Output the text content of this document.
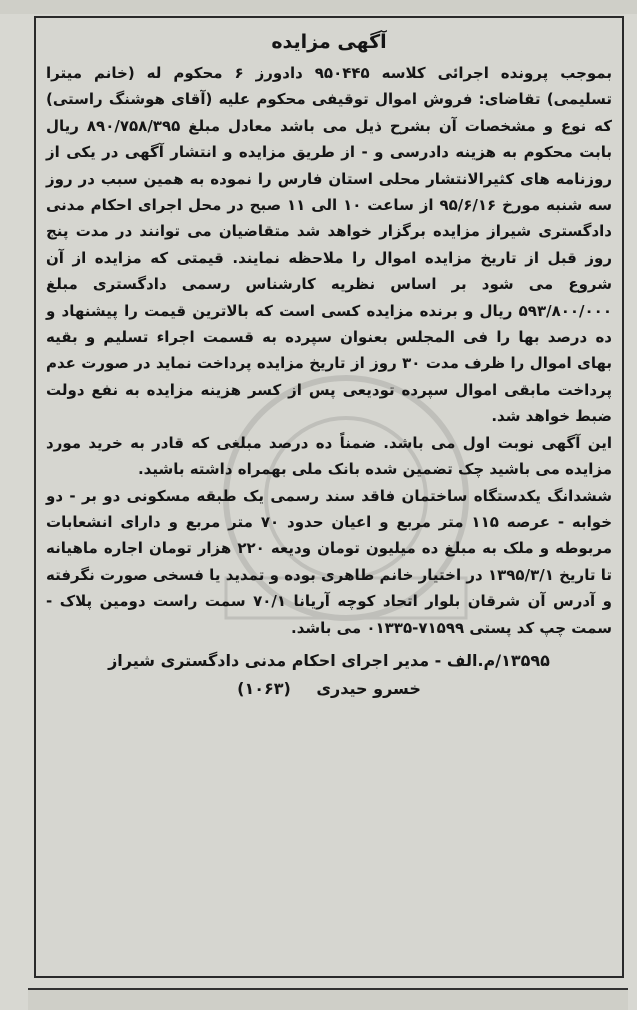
آگهی مزایده

بموجب پرونده اجرائی کلاسه ۹۵۰۴۴۵ دادورز ۶ محکوم له (خانم میترا تسلیمی) تقاضای: فروش اموال توقیفی محکوم علیه (آقای هوشنگ راستی) که نوع و مشخصات آن بشرح ذیل می باشد معادل مبلغ ۸۹۰/۷۵۸/۳۹۵ ریال بابت محکوم به هزینه دادرسی و - از طریق مزایده و انتشار آگهی در یکی از روزنامه های کثیرالانتشار محلی استان فارس را نموده به همین سبب در روز سه شنبه مورخ ۹۵/۶/۱۶ از ساعت ۱۰ الی ۱۱ صبح در محل اجرای احکام مدنی دادگستری شیراز مزایده برگزار خواهد شد متقاضیان می توانند در مدت پنج روز قبل از تاریخ مزایده اموال را ملاحظه نمایند. قیمتی که مزایده از آن شروع می شود بر اساس نظریه کارشناس رسمی دادگستری مبلغ ۵۹۳/۸۰۰/۰۰۰ ریال و برنده مزایده کسی است که بالاترین قیمت را پیشنهاد و ده درصد بها را فی المجلس بعنوان سپرده به قسمت اجراء تسلیم و بقیه بهای اموال را ظرف مدت ۳۰ روز از تاریخ مزایده پرداخت نماید در صورت عدم پرداخت مابقی اموال سپرده تودیعی پس از کسر هزینه مزایده به نفع دولت ضبط خواهد شد.

این آگهی نوبت اول می باشد. ضمناً ده درصد مبلغی که قادر به خرید مورد مزایده می باشید چک تضمین شده بانک ملی بهمراه داشته باشید.

ششدانگ یکدستگاه ساختمان فاقد سند رسمی یک طبقه مسکونی دو بر - دو خوابه - عرصه ۱۱۵ متر مربع و اعیان حدود ۷۰ متر مربع و دارای انشعابات مربوطه و ملک به مبلغ ده میلیون تومان ودیعه ۲۲۰ هزار تومان اجاره ماهیانه تا تاریخ ۱۳۹۵/۳/۱ در اختیار خانم طاهری بوده و تمدید یا فسخی صورت نگرفته و آدرس آن شرقان بلوار اتحاد کوچه آریانا ۷۰/۱ سمت راست دومین پلاک - سمت چپ کد پستی ۷۱۵۹۹-۰۱۳۳۵ می باشد.

۱۳۵۹۵/م.الف - مدیر اجرای احکام مدنی دادگستری شیراز
خسرو حیدری (۱۰۶۳)
